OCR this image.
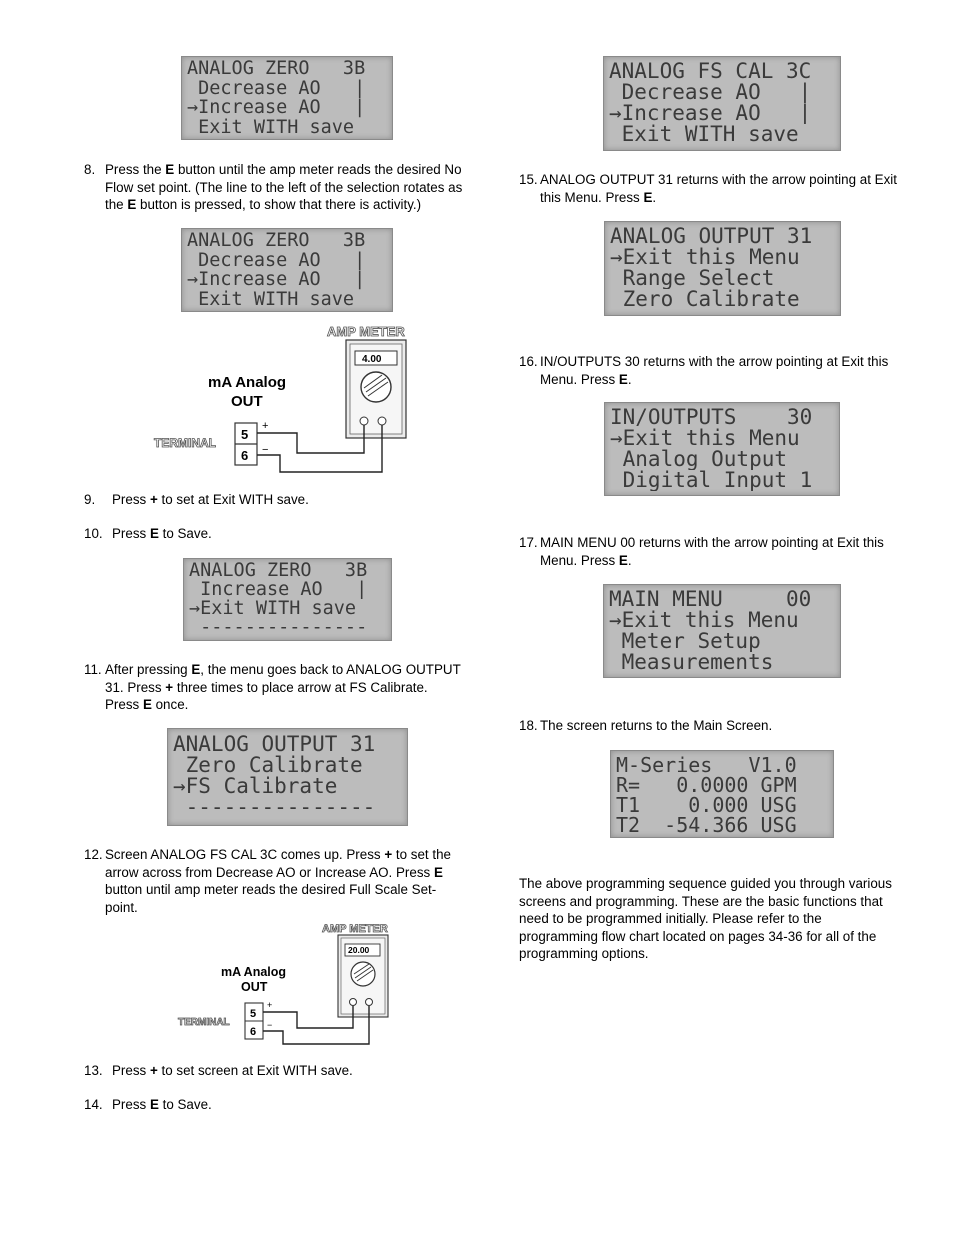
ANALOG ZERO   3B
Decrease AO   |
→Increase AO   |
Exit WITH save
8. Press the E button until the amp meter reads the desired No Flow set point. (The line to the left of the selection rotates as the E button is pressed, to show that there is activity.)
ANALOG ZERO   3B
Decrease AO   |
→Increase AO   |
Exit WITH save
AMP METER
4.00
mA Analog
OUT
TERMINAL
5
6
+
−
9. Press + to set at Exit WITH save.
10. Press E to Save.
ANALOG ZERO   3B
Increase AO   |
→Exit WITH save
---------------
11. After pressing E, the menu goes back to ANALOG OUTPUT 31. Press + three times to place arrow at FS Calibrate. Press E once.
ANALOG OUTPUT 31
Zero Calibrate
→FS Calibrate
---------------
12. Screen ANALOG FS CAL 3C comes up. Press + to set the arrow across from Decrease AO or Increase AO. Press E button until amp meter reads the desired Full Scale Set-point.
AMP METER
20.00
mA Analog
OUT
TERMINAL
5
6
+
−
13. Press + to set screen at Exit WITH save.
14. Press E to Save.
ANALOG FS CAL 3C
Decrease AO   |
→Increase AO   |
Exit WITH save
15. ANALOG OUTPUT 31 returns with the arrow pointing at Exit this Menu. Press E.
ANALOG OUTPUT 31
→Exit this Menu
Range Select
Zero Calibrate
16. IN/OUTPUTS 30 returns with the arrow pointing at Exit this Menu. Press E.
IN/OUTPUTS    30
→Exit this Menu
Analog Output
Digital Input 1
17. MAIN MENU 00 returns with the arrow pointing at Exit this Menu. Press E.
MAIN MENU     00
→Exit this Menu
Meter Setup
Measurements
18. The screen returns to the Main Screen.
M-Series   V1.0
R=   0.0000 GPM
T1    0.000 USG
T2  -54.366 USG

The above programming sequence guided you through various screens and programming. These are the basic functions that need to be programmed initially. Please refer to the programming flow chart located on pages 34-36 for all of the programming options.
